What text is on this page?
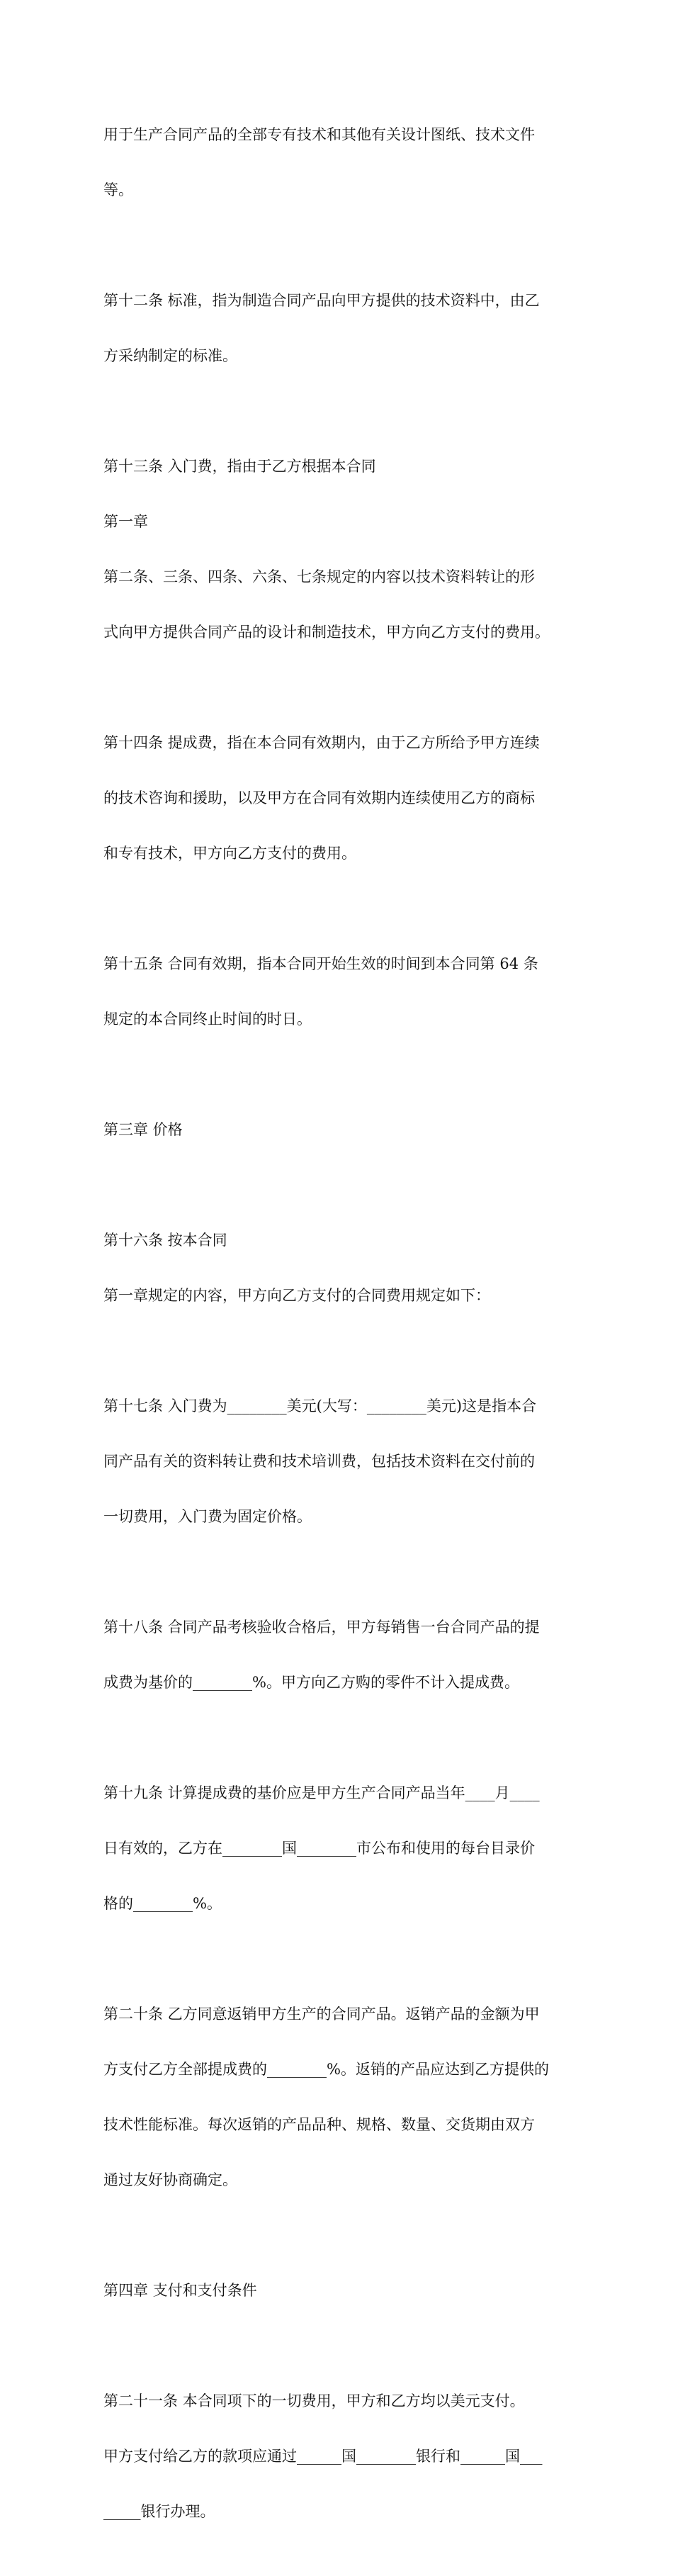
用于生产合同产品的全部专有技术和其他有关设计图纸、技术文件

等。

第十二条 标准，指为制造合同产品向甲方提供的技术资料中，由乙

方采纳制定的标准。

第十三条 入门费，指由于乙方根据本合同

第一章

第二条、三条、四条、六条、七条规定的内容以技术资料转让的形

式向甲方提供合同产品的设计和制造技术，甲方向乙方支付的费用。

第十四条 提成费，指在本合同有效期内，由于乙方所给予甲方连续

的技术咨询和援助，以及甲方在合同有效期内连续使用乙方的商标

和专有技术，甲方向乙方支付的费用。

第十五条 合同有效期，指本合同开始生效的时间到本合同第 64 条

规定的本合同终止时间的时日。

第三章 价格

第十六条 按本合同

第一章规定的内容，甲方向乙方支付的合同费用规定如下：

第十七条 入门费为________美元(大写：________美元)这是指本合

同产品有关的资料转让费和技术培训费，包括技术资料在交付前的

一切费用，入门费为固定价格。

第十八条 合同产品考核验收合格后，甲方每销售一台合同产品的提

成费为基价的________%。甲方向乙方购的零件不计入提成费。

第十九条 计算提成费的基价应是甲方生产合同产品当年____月____

日有效的，乙方在________国________市公布和使用的每台目录价

格的________%。

第二十条 乙方同意返销甲方生产的合同产品。返销产品的金额为甲

方支付乙方全部提成费的________%。返销的产品应达到乙方提供的

技术性能标准。每次返销的产品品种、规格、数量、交货期由双方

通过友好协商确定。

第四章 支付和支付条件

第二十一条 本合同项下的一切费用，甲方和乙方均以美元支付。

甲方支付给乙方的款项应通过______国________银行和______国___

_____银行办理。
